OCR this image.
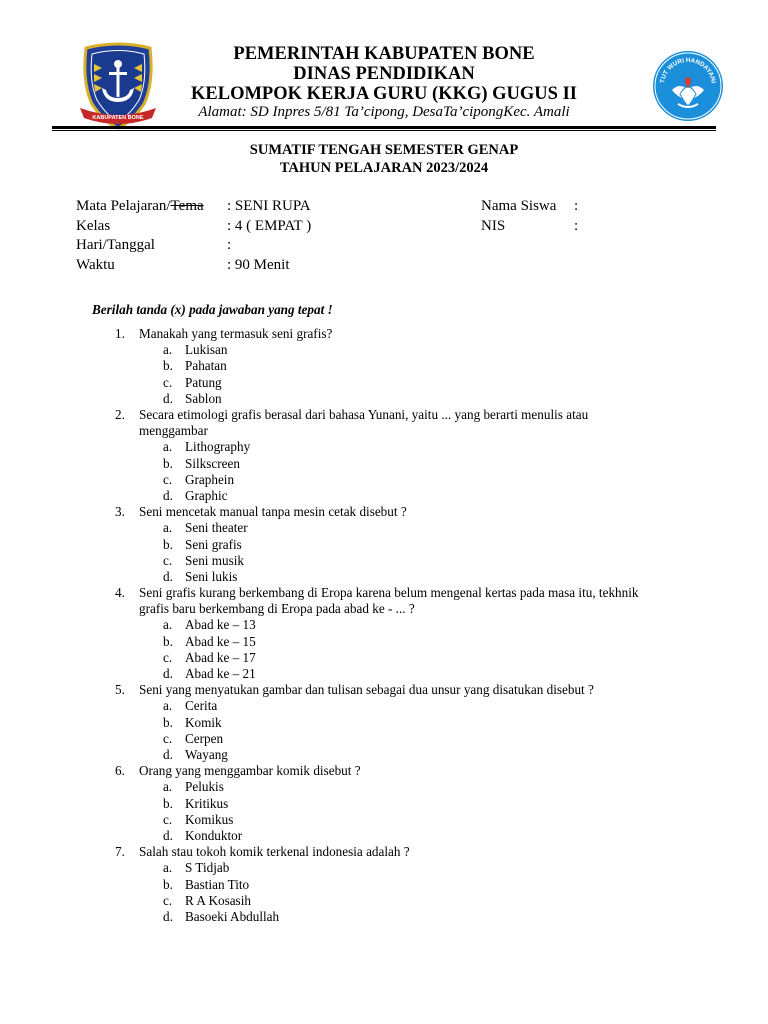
KABUPATEN BONE
TUT WURI HANDAYANI
PEMERINTAH KABUPATEN BONE
DINAS PENDIDIKAN
KELOMPOK KERJA GURU (KKG) GUGUS II
Alamat: SD Inpres 5/81 Ta’cipong, DesaTa’cipongKec. Amali
SUMATIF TENGAH SEMESTER GENAP
TAHUN PELAJARAN 2023/2024
Mata Pelajaran/Tema
Kelas
Hari/Tanggal
Waktu
: SENI RUPA
: 4 ( EMPAT )
:
: 90 Menit
Nama Siswa
NIS
:
:
Berilah tanda (x) pada jawaban yang tepat !
1. Manakah yang termasuk seni grafis?
a. Lukisan
b. Pahatan
c. Patung
d. Sablon
2. Secara etimologi grafis berasal dari bahasa Yunani, yaitu ... yang berarti menulis atau menggambar
a. Lithography
b. Silkscreen
c. Graphein
d. Graphic
3. Seni mencetak manual tanpa mesin cetak disebut ?
a. Seni theater
b. Seni grafis
c. Seni musik
d. Seni lukis
4. Seni grafis kurang berkembang di Eropa karena belum mengenal kertas pada masa itu, tekhnik grafis baru berkembang di Eropa pada abad ke - ... ?
a. Abad ke – 13
b. Abad ke – 15
c. Abad ke – 17
d. Abad ke – 21
5. Seni yang menyatukan gambar dan tulisan sebagai dua unsur yang disatukan disebut ?
a. Cerita
b. Komik
c. Cerpen
d. Wayang
6. Orang yang menggambar komik disebut ?
a. Pelukis
b. Kritikus
c. Komikus
d. Konduktor
7. Salah stau tokoh komik terkenal indonesia adalah ?
a. S Tidjab
b. Bastian Tito
c. R A Kosasih
d. Basoeki Abdullah
